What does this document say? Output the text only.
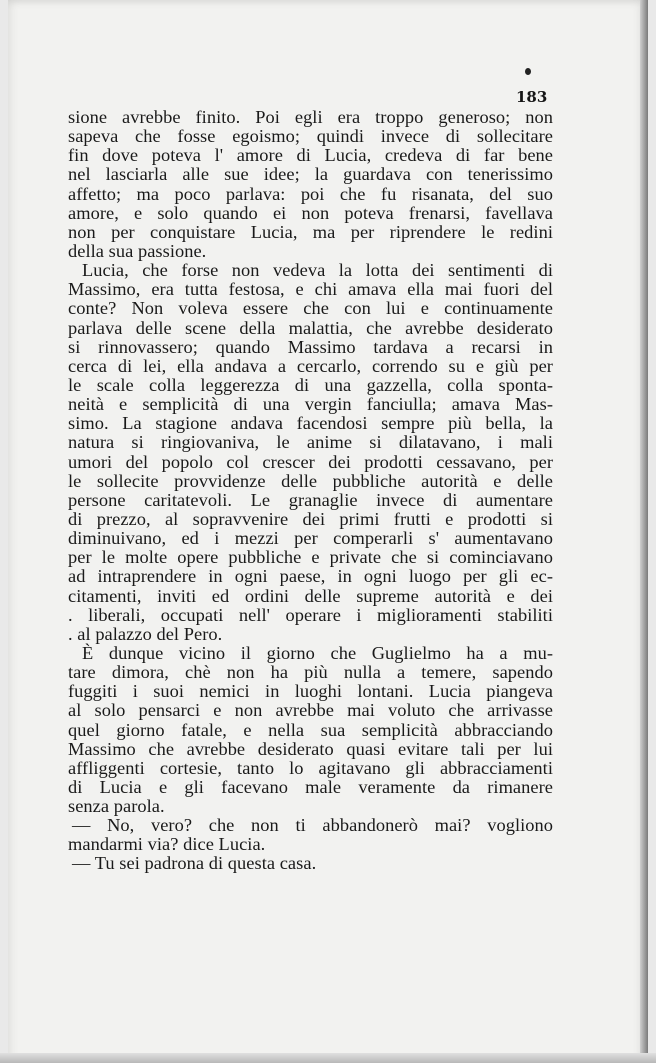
183
sione avrebbe finito. Poi egli era troppo generoso; non
sapeva che fosse egoismo; quindi invece di sollecitare
fin dove poteva l' amore di Lucia, credeva di far bene
nel lasciarla alle sue idee; la guardava con tenerissimo
affetto; ma poco parlava: poi che fu risanata, del suo
amore, e solo quando ei non poteva frenarsi, favellava
non per conquistare Lucia, ma per riprendere le redini
della sua passione.
Lucia, che forse non vedeva la lotta dei sentimenti di
Massimo, era tutta festosa, e chi amava ella mai fuori del
conte? Non voleva essere che con lui e continuamente
parlava delle scene della malattia, che avrebbe desiderato
si rinnovassero; quando Massimo tardava a recarsi in
cerca di lei, ella andava a cercarlo, correndo su e giù per
le scale colla leggerezza di una gazzella, colla sponta-
neità e semplicità di una vergin fanciulla; amava Mas-
simo. La stagione andava facendosi sempre più bella, la
natura si ringiovaniva, le anime si dilatavano, i mali
umori del popolo col crescer dei prodotti cessavano, per
le sollecite provvidenze delle pubbliche autorità e delle
persone caritatevoli. Le granaglie invece di aumentare
di prezzo, al sopravvenire dei primi frutti e prodotti si
diminuivano, ed i mezzi per comperarli s' aumentavano
per le molte opere pubbliche e private che si cominciavano
ad intraprendere in ogni paese, in ogni luogo per gli ec-
citamenti, inviti ed ordini delle supreme autorità e dei
. liberali, occupati nell' operare i miglioramenti stabiliti
. al palazzo del Pero.
È dunque vicino il giorno che Guglielmo ha a mu-
tare dimora, chè non ha più nulla a temere, sapendo
fuggiti i suoi nemici in luoghi lontani. Lucia piangeva
al solo pensarci e non avrebbe mai voluto che arrivasse
quel giorno fatale, e nella sua semplicità abbracciando
Massimo che avrebbe desiderato quasi evitare tali per lui
affliggenti cortesie, tanto lo agitavano gli abbracciamenti
di Lucia e gli facevano male veramente da rimanere
senza parola.
— No, vero? che non ti abbandonerò mai? vogliono
mandarmi via? dice Lucia.
— Tu sei padrona di questa casa.
